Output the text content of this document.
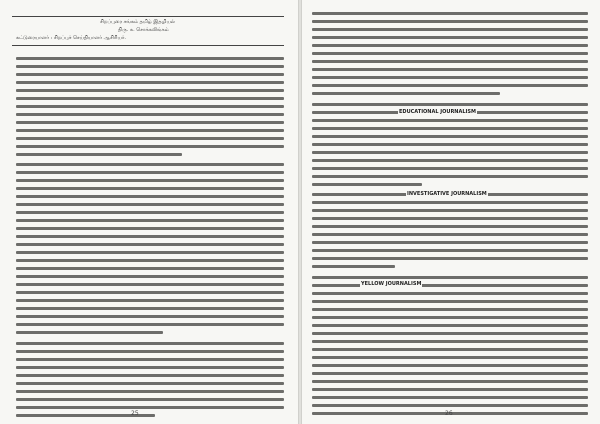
சிறப்புரை சங்கம் தமிழ் இதழியல்
திரு. க. சொக்கலிங்கம்
கட்டுரையாளர் : சிறப்புச் செய்தியாளர் ஆசிரியர்.
25
EDUCATIONAL JOURNALISM
INVESTIGATIVE JOURNALISM
YELLOW JOURNALISM
26
